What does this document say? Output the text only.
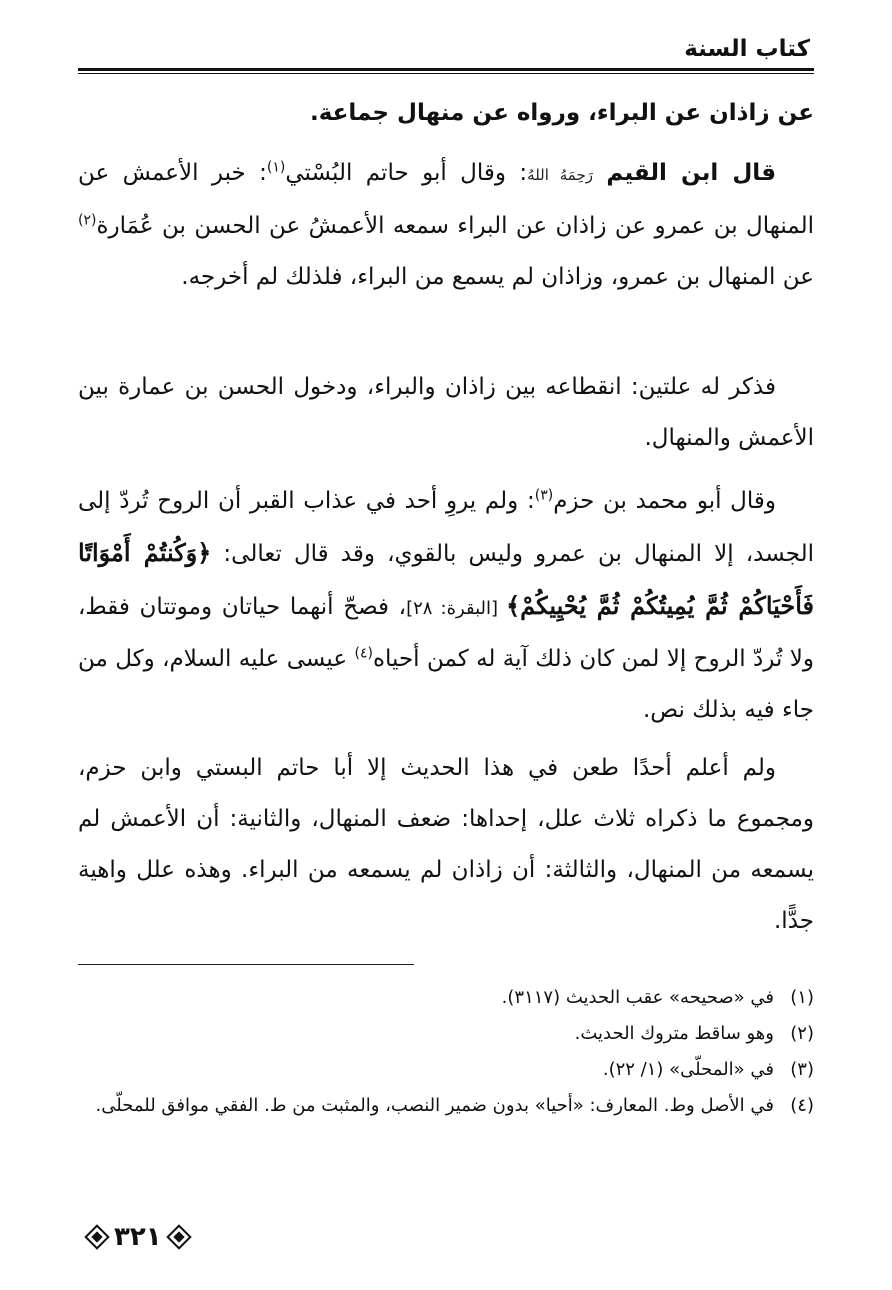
كتاب السنة

عن زاذان عن البراء، ورواه عن منهال جماعة.

قال ابن القيم رَحِمَهُ اللهُ: وقال أبو حاتم البُسْتي$^{(١)}$: خبر الأعمش عن المنهال بن عمرو عن زاذان عن البراء سمعه الأعمشُ عن الحسن بن عُمَارة$^{(٢)}$ عن المنهال بن عمرو، وزاذان لم يسمع من البراء، فلذلك لم أخرجه.

فذكر له علتين: انقطاعه بين زاذان والبراء، ودخول الحسن بن عمارة بين الأعمش والمنهال.

وقال أبو محمد بن حزم$^{(٣)}$: ولم يروِ أحد في عذاب القبر أن الروح تُردّ إلى الجسد، إلا المنهال بن عمرو وليس بالقوي، وقد قال تعالى: ﴿وَكُنتُمْ أَمْوَاتًا فَأَحْيَاكُمْ ثُمَّ يُمِيتُكُمْ ثُمَّ يُحْيِيكُمْ﴾ [البقرة: ٢٨]، فصحّ أنهما حياتان وموتتان فقط، ولا تُردّ الروح إلا لمن كان ذلك آية له كمن أحياه$^{(٤)}$ عيسى عليه السلام، وكل من جاء فيه بذلك نص.

ولم أعلم أحدًا طعن في هذا الحديث إلا أبا حاتم البستي وابن حزم، ومجموع ما ذكراه ثلاث علل، إحداها: ضعف المنهال، والثانية: أن الأعمش لم يسمعه من المنهال، والثالثة: أن زاذان لم يسمعه من البراء. وهذه علل واهية جدًّا.

(١)
في «صحيحه» عقب الحديث (٣١١٧).
(٢)
وهو ساقط متروك الحديث.
(٣)
في «المحلّى» (١/ ٢٢).
(٤)
في الأصل وط. المعارف: «أحيا» بدون ضمير النصب، والمثبت من ط. الفقي موافق للمحلّى.
٣٢١
